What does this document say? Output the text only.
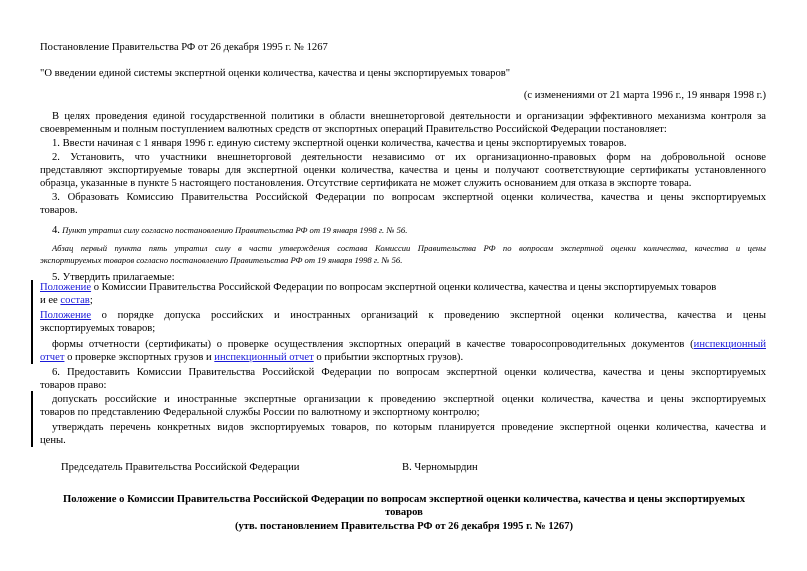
Постановление Правительства РФ от 26 декабря 1995 г. № 1267
"О введении единой системы экспертной оценки количества, качества и цены экспортируемых товаров"
(с изменениями от 21 марта 1996 г., 19 января 1998 г.)
В целях проведения единой государственной политики в области внешнеторговой деятельности и организации эффективного механизма контроля за
своевременным и полным поступлением валютных средств от экспортных операций Правительство Российской Федерации постановляет:
1. Ввести начиная с 1 января 1996 г. единую систему экспертной оценки количества, качества и цены экспортируемых товаров.
2. Установить, что участники внешнеторговой деятельности независимо от их организационно-правовых форм на добровольной основе
представляют экспортируемые товары для экспертной оценки количества, качества и цены и получают соответствующие сертификаты установленного
образца, указанные в пункте 5 настоящего постановления. Отсутствие сертификата не может служить основанием для отказа в экспорте товара.
3. Образовать Комиссию Правительства Российской Федерации по вопросам экспертной оценки количества, качества и цены экспортируемых
товаров.
4. Пункт утратил силу согласно постановлению Правительства РФ от 19 января 1998 г. № 56.
Абзац первый пункта пять утратил силу в части утверждения состава Комиссии Правительства РФ по вопросам экспертной оценки количества, качества и цены
экспортируемых товаров согласно постановлению Правительства РФ от 19 января 1998 г. № 56.
5. Утвердить прилагаемые:
Положение о Комиссии Правительства Российской Федерации по вопросам экспертной оценки количества, качества и цены экспортируемых товаров
и ее состав;
Положение о порядке допуска российских и иностранных организаций к проведению экспертной оценки количества, качества и цены
экспортируемых товаров;
формы отчетности (сертификаты) о проверке осуществления экспортных операций в качестве товаросопроводительных документов (инспекционный
отчет о проверке экспортных грузов и инспекционный отчет о прибытии экспортных грузов).
6. Предоставить Комиссии Правительства Российской Федерации по вопросам экспертной оценки количества, качества и цены экспортируемых
товаров право:
допускать российские и иностранные экспертные организации к проведению экспертной оценки количества, качества и цены экспортируемых
товаров по представлению Федеральной службы России по валютному и экспортному контролю;
утверждать перечень конкретных видов экспортируемых товаров, по которым планируется проведение экспертной оценки количества, качества и
цены.
Председатель Правительства Российской Федерации	В. Черномырдин
Положение о Комиссии Правительства Российской Федерации по вопросам экспертной оценки количества, качества и цены экспортируемых
товаров
(утв. постановлением Правительства РФ от 26 декабря 1995 г. № 1267)
